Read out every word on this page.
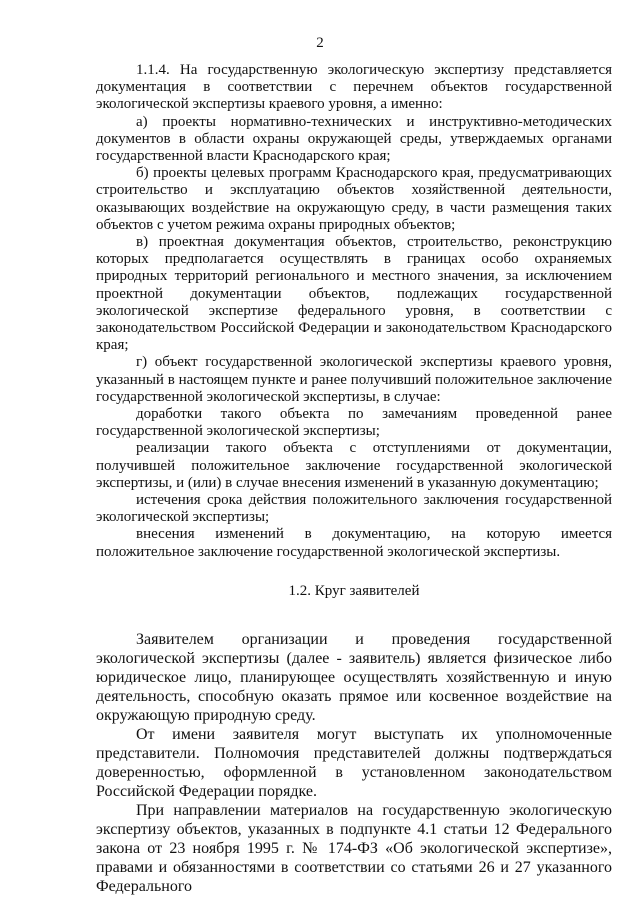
2

1.1.4. На государственную экологическую экспертизу представляется документация в соответствии с перечнем объектов государственной экологической экспертизы краевого уровня, а именно:

а) проекты нормативно-технических и инструктивно-методических документов в области охраны окружающей среды, утверждаемых органами государственной власти Краснодарского края;

б) проекты целевых программ Краснодарского края, предусматривающих строительство и эксплуатацию объектов хозяйственной деятельности, оказывающих воздействие на окружающую среду, в части размещения таких объектов с учетом режима охраны природных объектов;

в) проектная документация объектов, строительство, реконструкцию которых предполагается осуществлять в границах особо охраняемых природных территорий регионального и местного значения, за исключением проектной документации объектов, подлежащих государственной экологической экспертизе федерального уровня, в соответствии с законодательством Российской Федерации и законодательством Краснодарского края;

г) объект государственной экологической экспертизы краевого уровня, указанный в настоящем пункте и ранее получивший положительное заключение государственной экологической экспертизы, в случае:

доработки такого объекта по замечаниям проведенной ранее государственной экологической экспертизы;

реализации такого объекта с отступлениями от документации, получившей положительное заключение государственной экологической экспертизы, и (или) в случае внесения изменений в указанную документацию;

истечения срока действия положительного заключения государственной экологической экспертизы;

внесения изменений в документацию, на которую имеется положительное заключение государственной экологической экспертизы.

1.2. Круг заявителей

Заявителем организации и проведения государственной экологической экспертизы (далее - заявитель) является физическое либо юридическое лицо, планирующее осуществлять хозяйственную и иную деятельность, способную оказать прямое или косвенное воздействие на окружающую природную среду.

От имени заявителя могут выступать их уполномоченные представители. Полномочия представителей должны подтверждаться доверенностью, оформленной в установленном законодательством Российской Федерации порядке.

При направлении материалов на государственную экологическую экспертизу объектов, указанных в подпункте 4.1 статьи 12 Федерального закона от 23 ноября 1995 г. № 174-ФЗ «Об экологической экспертизе», правами и обязанностями в соответствии со статьями 26 и 27 указанного Федерального
